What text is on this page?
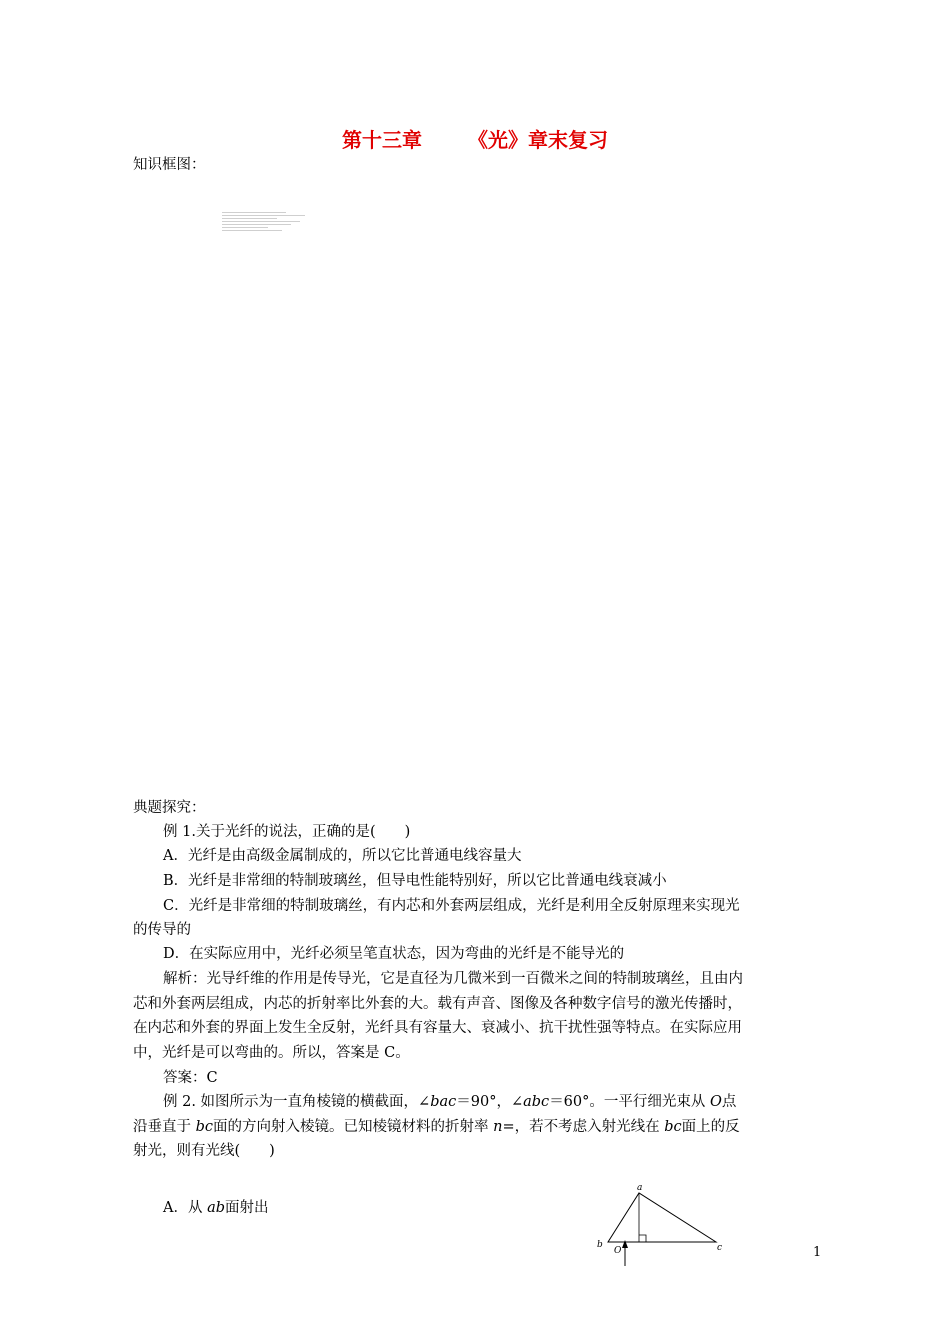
第十三章 《光》章末复习
知识框图：
典题探究：
例 1.关于光纤的说法，正确的是(　　)
A．光纤是由高级金属制成的，所以它比普通电线容量大
B．光纤是非常细的特制玻璃丝，但导电性能特别好，所以它比普通电线衰减小
C．光纤是非常细的特制玻璃丝，有内芯和外套两层组成，光纤是利用全反射原理来实现光
的传导的
D．在实际应用中，光纤必须呈笔直状态，因为弯曲的光纤是不能导光的
解析：光导纤维的作用是传导光，它是直径为几微米到一百微米之间的特制玻璃丝，且由内
芯和外套两层组成，内芯的折射率比外套的大。载有声音、图像及各种数字信号的激光传播时，
在内芯和外套的界面上发生全反射，光纤具有容量大、衰减小、抗干扰性强等特点。在实际应用
中，光纤是可以弯曲的。所以，答案是 C。
答案：C
例 2. 如图所示为一直角棱镜的横截面，∠bac＝90°，∠abc＝60°。一平行细光束从 O点
沿垂直于 bc面的方向射入棱镜。已知棱镜材料的折射率 n=，若不考虑入射光线在 bc面上的反
射光，则有光线(　　)
A．从 ab面射出
a
b	c
O	1
